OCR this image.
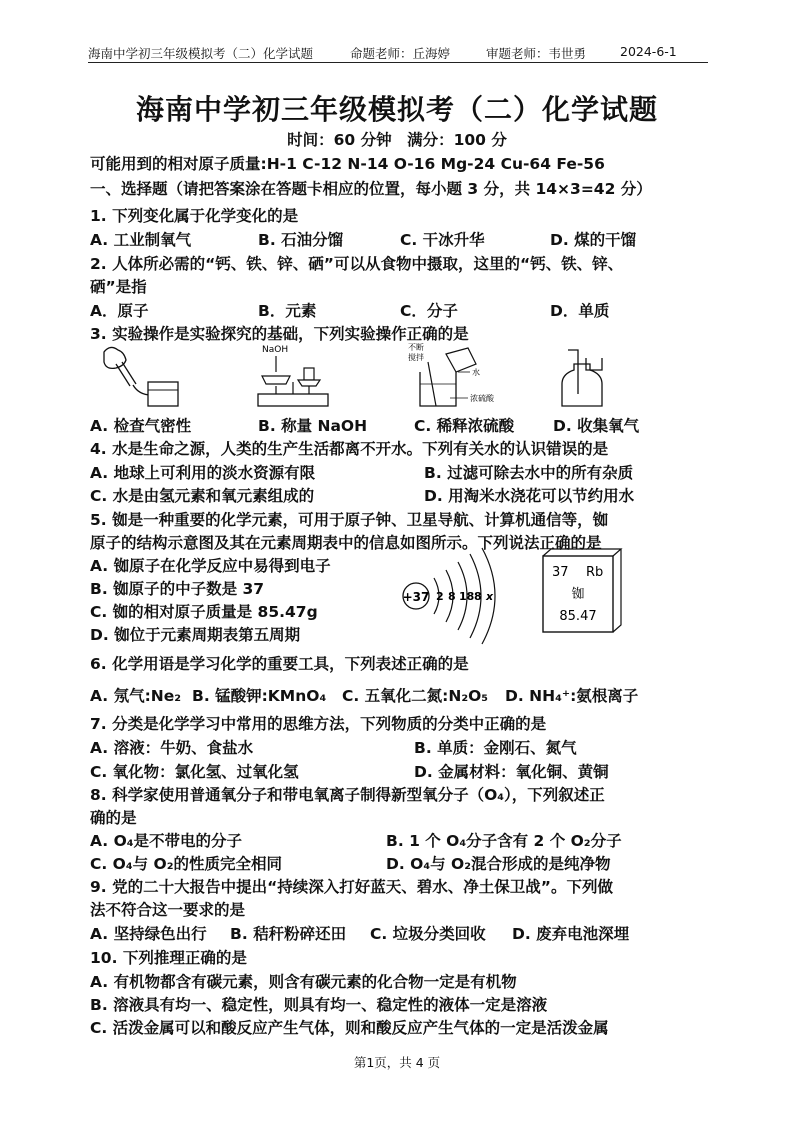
海南中学初三年级模拟考（二）化学试题	命题老师：丘海婷	审题老师：韦世勇	2024-6-1
海南中学初三年级模拟考（二）化学试题
时间：60 分钟　满分：100 分
可能用到的相对原子质量:H-1 C-12 N-14 O-16 Mg-24 Cu-64 Fe-56
一、选择题（请把答案涂在答题卡相应的位置，每小题 3 分，共 14×3=42 分）
1. 下列变化属于化学变化的是
A. 工业制氧气	B. 石油分馏	C. 干冰升华	D. 煤的干馏
2. 人体所必需的“钙、铁、锌、硒”可以从食物中摄取，这里的“钙、铁、锌、
硒”是指
A．原子	B．元素	C．分子	D．单质
3. 实验操作是实验探究的基础，下列实验操作正确的是
NaOH	不断
搅拌
水
浓硫酸
A. 检查气密性	B. 称量 NaOH	C. 稀释浓硫酸	D. 收集氧气
4. 水是生命之源，人类的生产生活都离不开水。下列有关水的认识错误的是
A. 地球上可利用的淡水资源有限	B. 过滤可除去水中的所有杂质
C. 水是由氢元素和氧元素组成的	D. 用淘米水浇花可以节约用水
5. 铷是一种重要的化学元素，可用于原子钟、卫星导航、计算机通信等，铷
原子的结构示意图及其在元素周期表中的信息如图所示。下列说法正确的是
A. 铷原子在化学反应中易得到电子
B. 铷原子的中子数是 37
C. 铷的相对原子质量是 85.47g
D. 铷位于元素周期表第五周期
+37 2 8 18 8 x
37 Rb
铷
85.47
6. 化学用语是学习化学的重要工具，下列表述正确的是
A. 氖气:Ne₂ B. 锰酸钾:KMnO₄ C. 五氧化二氮:N₂O₅ D. NH₄⁺:氨根离子
7. 分类是化学学习中常用的思维方法，下列物质的分类中正确的是
A. 溶液：牛奶、食盐水	B. 单质：金刚石、氮气
C. 氧化物：氯化氢、过氧化氢	D. 金属材料：氧化铜、黄铜
8. 科学家使用普通氧分子和带电氧离子制得新型氧分子（O₄），下列叙述正
确的是
A. O₄是不带电的分子	B. 1 个 O₄分子含有 2 个 O₂分子
C. O₄与 O₂的性质完全相同	D. O₄与 O₂混合形成的是纯净物
9. 党的二十大报告中提出“持续深入打好蓝天、碧水、净土保卫战”。下列做
法不符合这一要求的是
A. 坚持绿色出行 B. 秸秆粉碎还田 C. 垃圾分类回收 D. 废弃电池深埋
10. 下列推理正确的是
A. 有机物都含有碳元素，则含有碳元素的化合物一定是有机物
B. 溶液具有均一、稳定性，则具有均一、稳定性的液体一定是溶液
C. 活泼金属可以和酸反应产生气体，则和酸反应产生气体的一定是活泼金属
第1页，共 4 页
